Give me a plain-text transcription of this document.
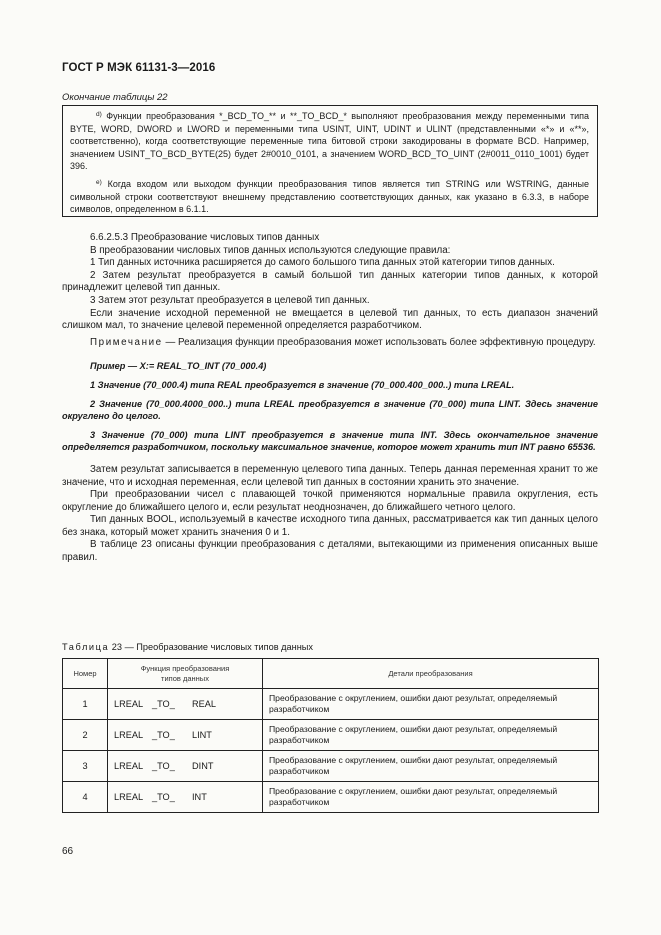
ГОСТ Р МЭК 61131-3—2016
Окончание таблицы 22

$^{d)}$ Функции преобразования *_BCD_TO_** и **_TO_BCD_* выполняют преобразования между переменными типа BYTE, WORD, DWORD и LWORD и переменными типа USINT, UINT, UDINT и ULINT (представленными «*» и «**», соответственно), когда соответствующие переменные типа битовой строки закодированы в формате BCD. Например, значением USINT_TO_BCD_BYTE(25) будет 2#0010_0101, а значением WORD_BCD_TO_UINT (2#0011_0110_1001) будет 396.

$^{e)}$ Когда входом или выходом функции преобразования типов является тип STRING или WSTRING, данные символьной строки соответствуют внешнему представлению соответствующих данных, как указано в 6.3.3, в наборе символов, определенном в 6.1.1.

6.6.2.5.3 Преобразование числовых типов данных

В преобразовании числовых типов данных используются следующие правила:

1 Тип данных источника расширяется до самого большого типа данных этой категории типов данных.

2 Затем результат преобразуется в самый большой тип данных категории типов данных, к которой принадлежит целевой тип данных.

3 Затем этот результат преобразуется в целевой тип данных.

Если значение исходной переменной не вмещается в целевой тип данных, то есть диапазон значений слишком мал, то значение целевой переменной определяется разработчиком.

Примечание — Реализация функции преобразования может использовать более эффективную процедуру.

Пример — X:= REAL_TO_INT (70_000.4)

1 Значение (70_000.4) типа REAL преобразуется в значение (70_000.400_000..) типа LREAL.

2 Значение (70_000.4000_000..) типа LREAL преобразуется в значение (70_000) типа LINT. Здесь значение округлено до целого.

3 Значение (70_000) типа LINT преобразуется в значение типа INT. Здесь окончательное значение определяется разработчиком, поскольку максимальное значение, которое может хранить тип INT равно 65536.

Затем результат записывается в переменную целевого типа данных. Теперь данная переменная хранит то же значение, что и исходная переменная, если целевой тип данных в состоянии хранить это значение.

При преобразовании чисел с плавающей точкой применяются нормальные правила округления, есть округление до ближайшего целого и, если результат неоднозначен, до ближайшего четного целого.

Тип данных BOOL, используемый в качестве исходного типа данных, рассматривается как тип данных целого без знака, который может хранить значения 0 и 1.

В таблице 23 описаны функции преобразования с деталями, вытекающими из применения описанных выше правил.

Таблица 23 — Преобразование числовых типов данных
Номер	Функция преобразования типов данных	Детали преобразования
1	LREAL _TO_ REAL	Преобразование с округлением, ошибки дают результат, определяемый разработчиком
2	LREAL _TO_ LINT	Преобразование с округлением, ошибки дают результат, определяемый разработчиком
3	LREAL _TO_ DINT	Преобразование с округлением, ошибки дают результат, определяемый разработчиком
4	LREAL _TO_ INT	Преобразование с округлением, ошибки дают результат, определяемый разработчиком
66
